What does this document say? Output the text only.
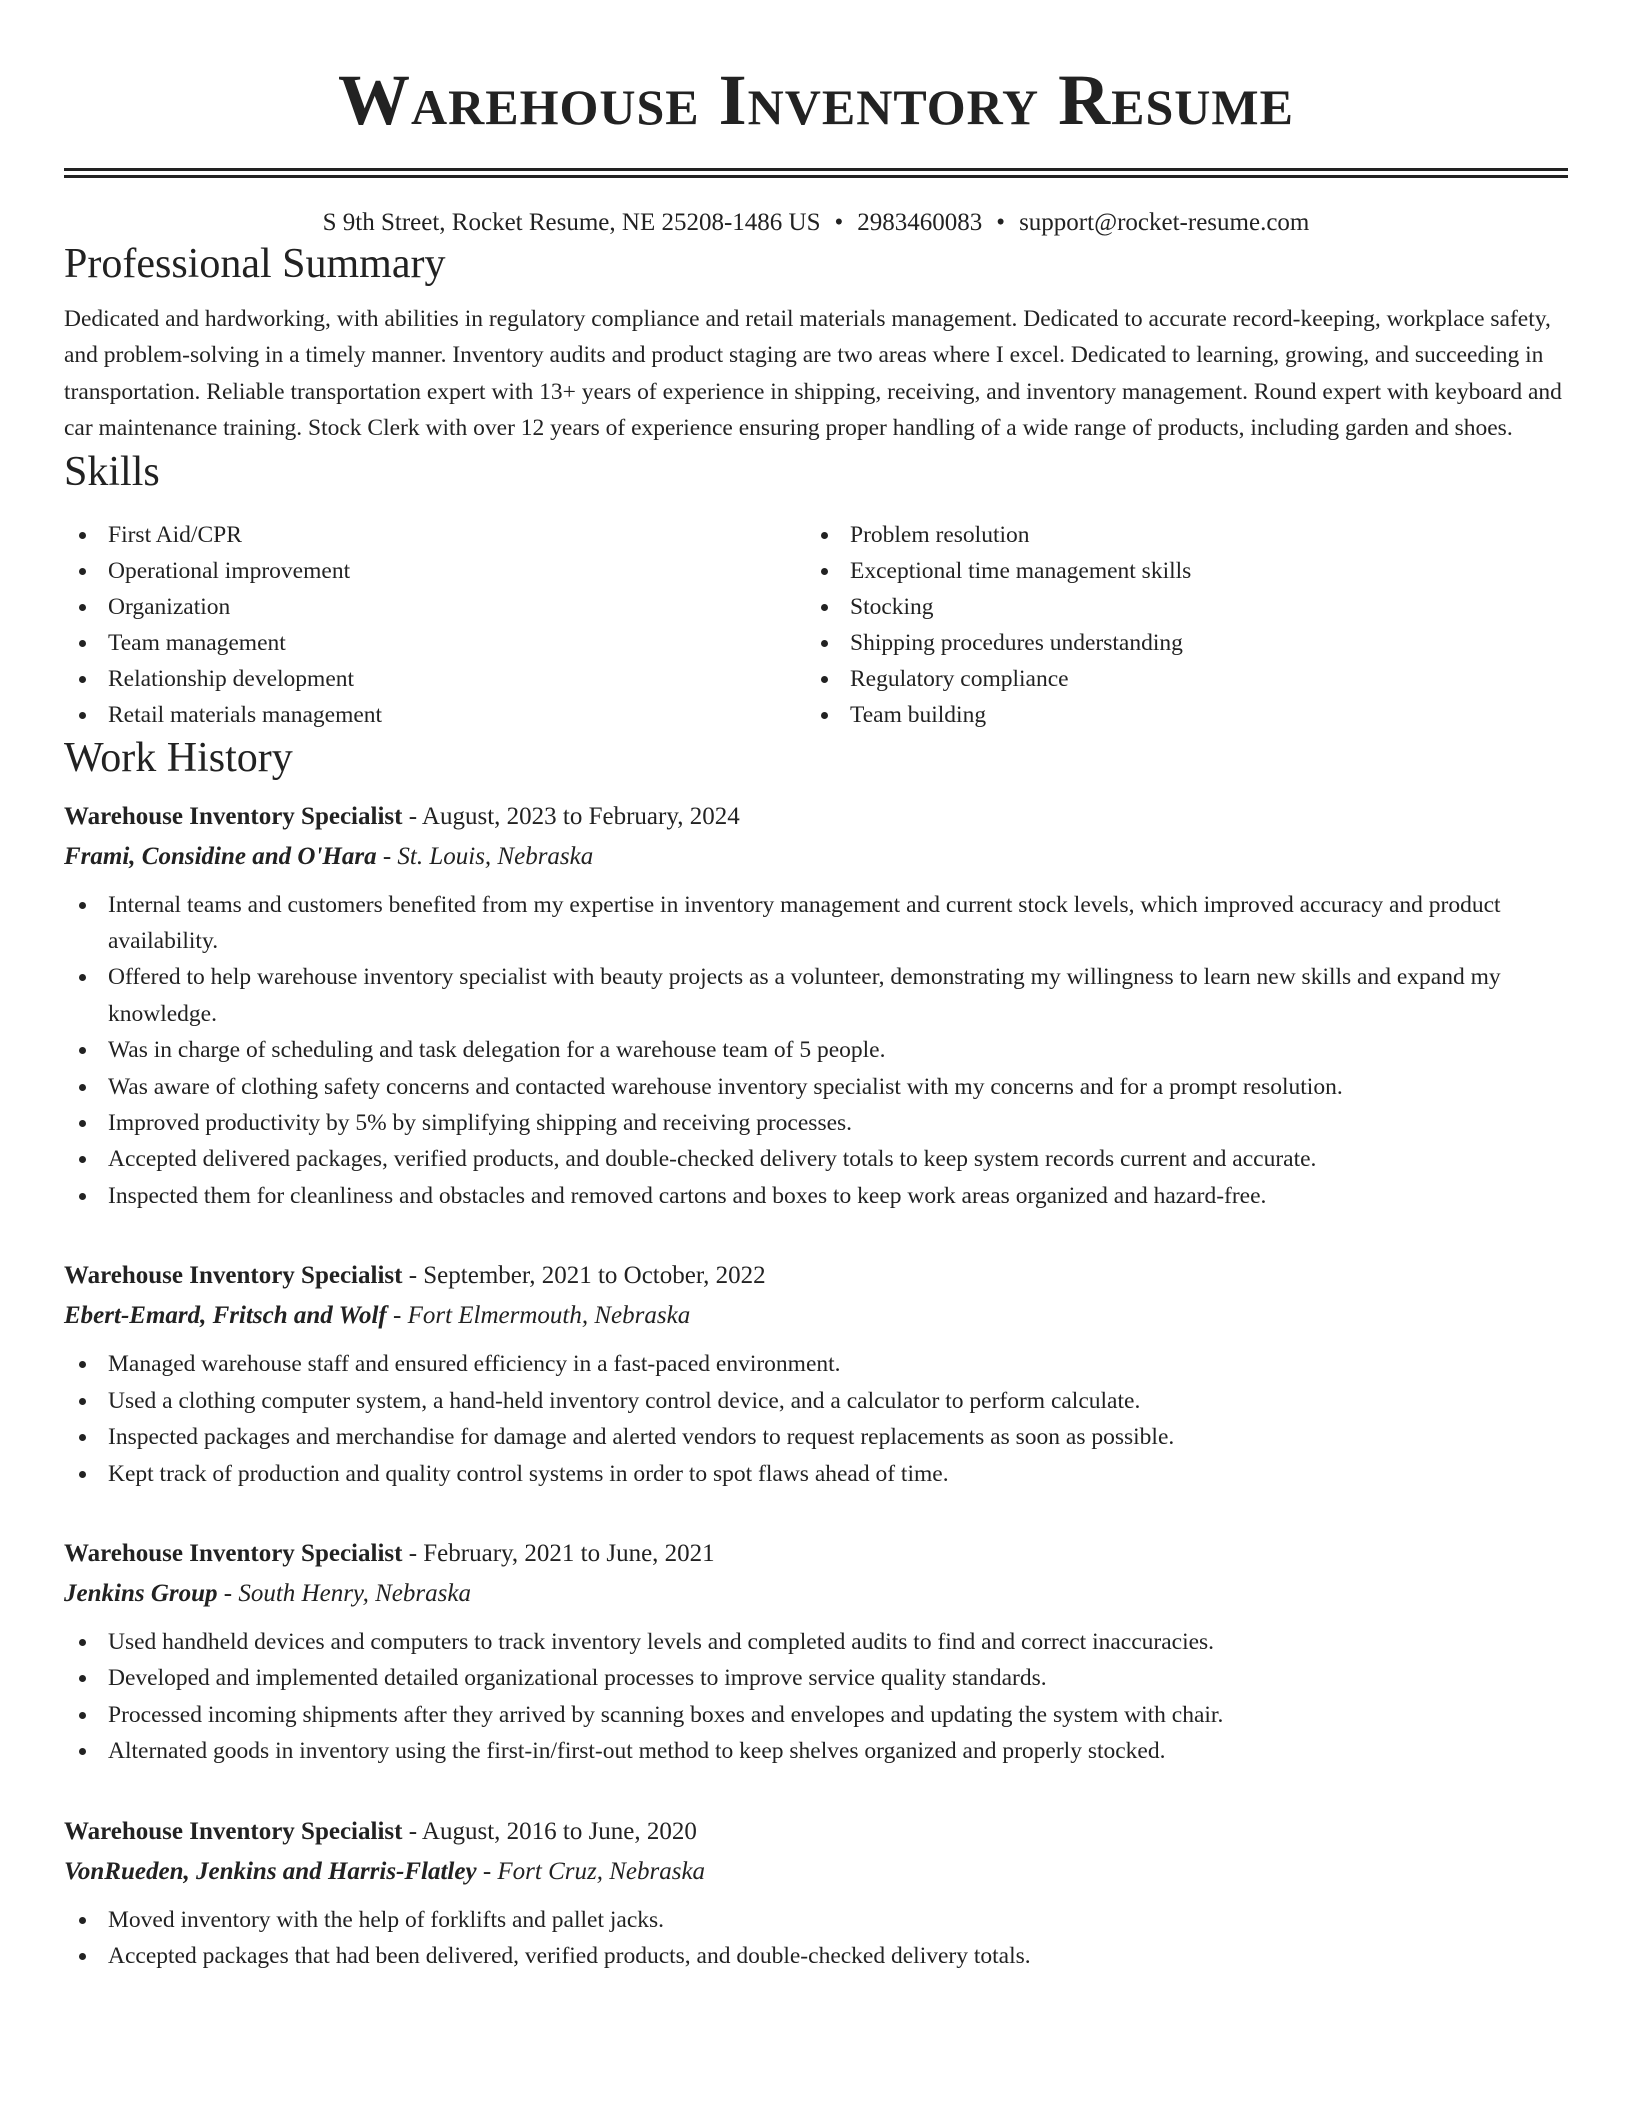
Warehouse Inventory Resume
S 9th Street, Rocket Resume, NE 25208-1486 US • 2983460083 • support@rocket-resume.com
Professional Summary

Dedicated and hardworking, with abilities in regulatory compliance and retail materials management. Dedicated to accurate record-keeping, workplace safety, and problem-solving in a timely manner. Inventory audits and product staging are two areas where I excel. Dedicated to learning, growing, and succeeding in transportation. Reliable transportation expert with 13+ years of experience in shipping, receiving, and inventory management. Round expert with keyboard and car maintenance training. Stock Clerk with over 12 years of experience ensuring proper handling of a wide range of products, including garden and shoes.

Skills
First Aid/CPR
Operational improvement
Organization
Team management
Relationship development
Retail materials management
Problem resolution
Exceptional time management skills
Stocking
Shipping procedures understanding
Regulatory compliance
Team building
Work History
Warehouse Inventory Specialist - August, 2023 to February, 2024
Frami, Considine and O'Hara - St. Louis, Nebraska
Internal teams and customers benefited from my expertise in inventory management and current stock levels, which improved accuracy and product availability.
Offered to help warehouse inventory specialist with beauty projects as a volunteer, demonstrating my willingness to learn new skills and expand my knowledge.
Was in charge of scheduling and task delegation for a warehouse team of 5 people.
Was aware of clothing safety concerns and contacted warehouse inventory specialist with my concerns and for a prompt resolution.
Improved productivity by 5% by simplifying shipping and receiving processes.
Accepted delivered packages, verified products, and double-checked delivery totals to keep system records current and accurate.
Inspected them for cleanliness and obstacles and removed cartons and boxes to keep work areas organized and hazard-free.
Warehouse Inventory Specialist - September, 2021 to October, 2022
Ebert-Emard, Fritsch and Wolf - Fort Elmermouth, Nebraska
Managed warehouse staff and ensured efficiency in a fast-paced environment.
Used a clothing computer system, a hand-held inventory control device, and a calculator to perform calculate.
Inspected packages and merchandise for damage and alerted vendors to request replacements as soon as possible.
Kept track of production and quality control systems in order to spot flaws ahead of time.
Warehouse Inventory Specialist - February, 2021 to June, 2021
Jenkins Group - South Henry, Nebraska
Used handheld devices and computers to track inventory levels and completed audits to find and correct inaccuracies.
Developed and implemented detailed organizational processes to improve service quality standards.
Processed incoming shipments after they arrived by scanning boxes and envelopes and updating the system with chair.
Alternated goods in inventory using the first-in/first-out method to keep shelves organized and properly stocked.
Warehouse Inventory Specialist - August, 2016 to June, 2020
VonRueden, Jenkins and Harris-Flatley - Fort Cruz, Nebraska
Moved inventory with the help of forklifts and pallet jacks.
Accepted packages that had been delivered, verified products, and double-checked delivery totals.
